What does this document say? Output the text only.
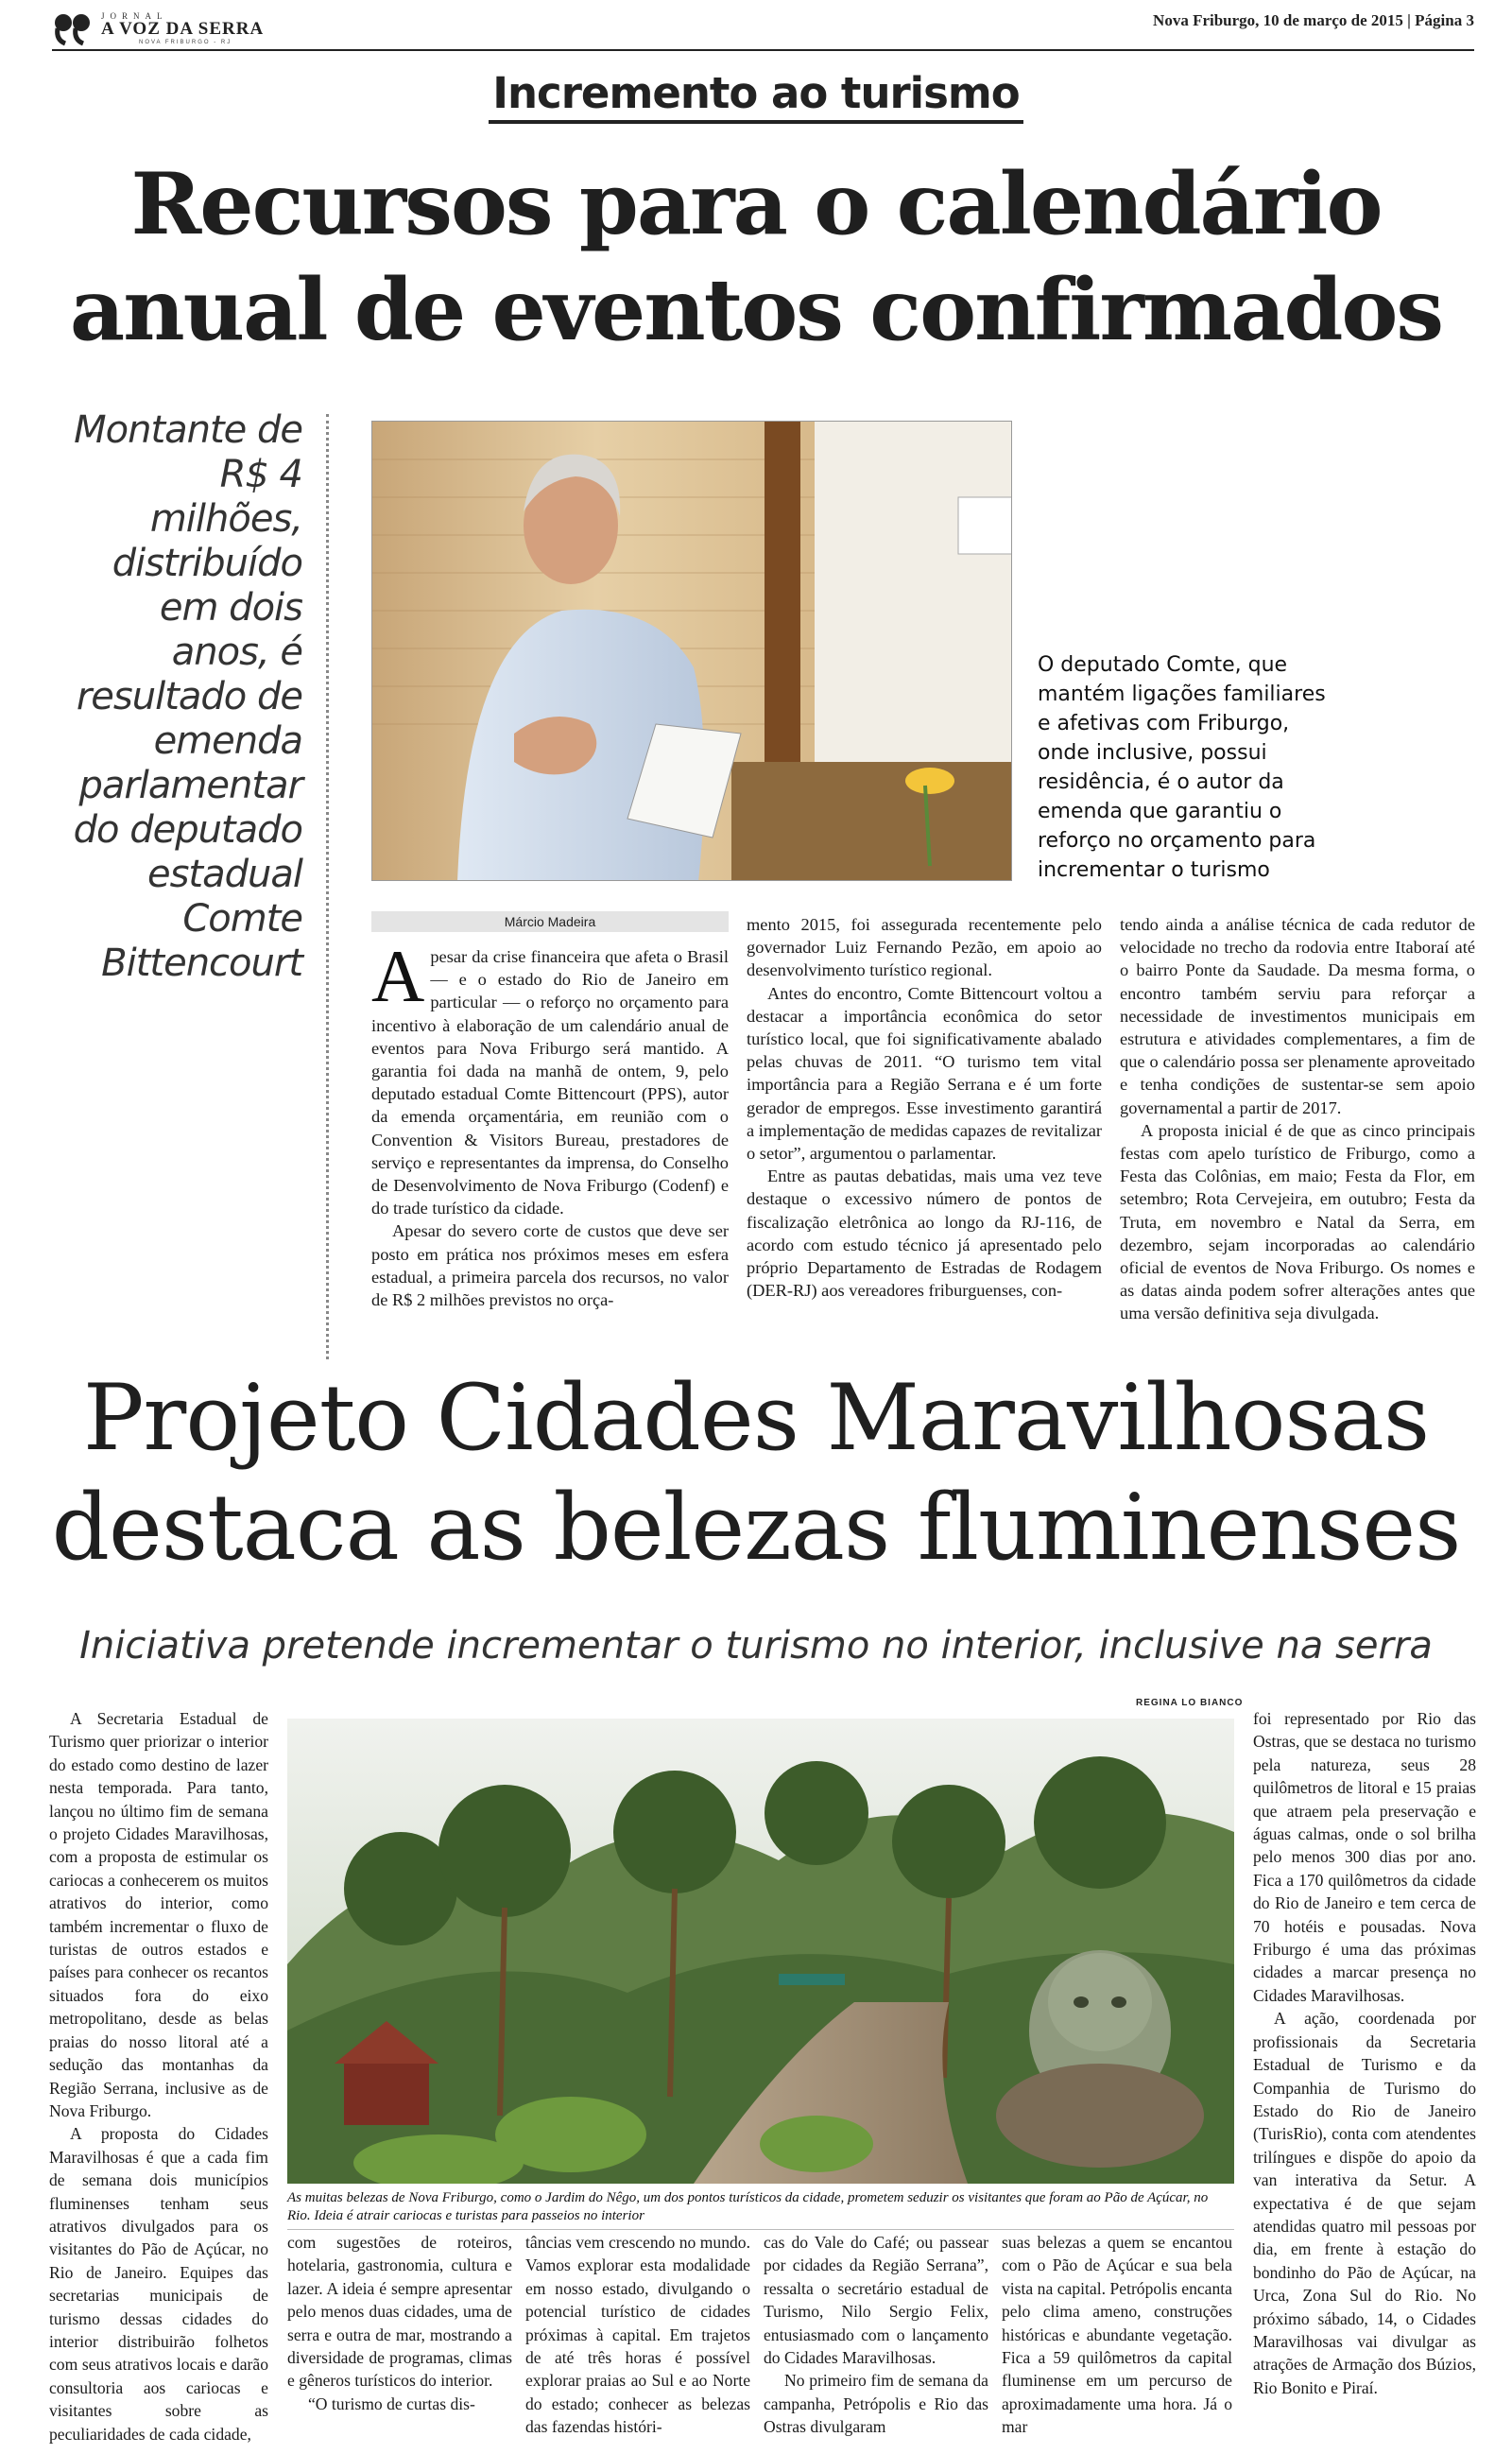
JORNAL
A VOZ DA SERRA
NOVA FRIBURGO - RJ
Nova Friburgo, 10 de março de 2015 | Página 3
Incremento ao turismo
Recursos para o calendário
anual de eventos confirmados
Montante de R$ 4 milhões, distribuído em dois anos, é resultado de emenda parlamentar do deputado estadual Comte Bittencourt
O deputado Comte, que mantém ligações familiares e afetivas com Friburgo, onde inclusive, possui residência, é o autor da emenda que garantiu o reforço no orçamento para incrementar o turismo
Márcio Madeira

Apesar da crise financeira que afeta o Brasil — e o estado do Rio de Janeiro em particular — o reforço no orçamento para incentivo à elaboração de um calendário anual de eventos para Nova Friburgo será mantido. A garantia foi dada na manhã de ontem, 9, pelo deputado estadual Comte Bittencourt (PPS), autor da emenda orçamentária, em reunião com o Convention & Visitors Bureau, prestadores de serviço e representantes da imprensa, do Conselho de Desenvolvimento de Nova Friburgo (Codenf) e do trade turístico da cidade.

Apesar do severo corte de custos que deve ser posto em prática nos próximos meses em esfera estadual, a primeira parcela dos recursos, no valor de R$ 2 milhões previstos no orça-

mento 2015, foi assegurada recentemente pelo governador Luiz Fernando Pezão, em apoio ao desenvolvimento turístico regional.

Antes do encontro, Comte Bittencourt voltou a destacar a importância econômica do setor turístico local, que foi significativamente abalado pelas chuvas de 2011. “O turismo tem vital importância para a Região Serrana e é um forte gerador de empregos. Esse investimento garantirá a implementação de medidas capazes de revitalizar o setor”, argumentou o parlamentar.

Entre as pautas debatidas, mais uma vez teve destaque o excessivo número de pontos de fiscalização eletrônica ao longo da RJ-116, de acordo com estudo técnico já apresentado pelo próprio Departamento de Estradas de Rodagem (DER-RJ) aos vereadores friburguenses, con-

tendo ainda a análise técnica de cada redutor de velocidade no trecho da rodovia entre Itaboraí até o bairro Ponte da Saudade. Da mesma forma, o encontro também serviu para reforçar a necessidade de investimentos municipais em estrutura e atividades complementares, a fim de que o calendário possa ser plenamente aproveitado e tenha condições de sustentar-se sem apoio governamental a partir de 2017.

A proposta inicial é de que as cinco principais festas com apelo turístico de Friburgo, como a Festa das Colônias, em maio; Festa da Flor, em setembro; Rota Cervejeira, em outubro; Festa da Truta, em novembro e Natal da Serra, em dezembro, sejam incorporadas ao calendário oficial de eventos de Nova Friburgo. Os nomes e as datas ainda podem sofrer alterações antes que uma versão definitiva seja divulgada.

Projeto Cidades Maravilhosas
destaca as belezas fluminenses
Iniciativa pretende incrementar o turismo no interior, inclusive na serra

A Secretaria Estadual de Turismo quer priorizar o interior do estado como destino de lazer nesta temporada. Para tanto, lançou no último fim de semana o projeto Cidades Maravilhosas, com a proposta de estimular os cariocas a conhecerem os muitos atrativos do interior, como também incrementar o fluxo de turistas de outros estados e países para conhecer os recantos situados fora do eixo metropolitano, desde as belas praias do nosso litoral até a sedução das montanhas da Região Serrana, inclusive as de Nova Friburgo.

A proposta do Cidades Maravilhosas é que a cada fim de semana dois municípios fluminenses tenham seus atrativos divulgados para os visitantes do Pão de Açúcar, no Rio de Janeiro. Equipes das secretarias municipais de turismo dessas cidades do interior distribuirão folhetos com seus atrativos locais e darão consultoria aos cariocas e visitantes sobre as peculiaridades de cada cidade,

REGINA LO BIANCO
As muitas belezas de Nova Friburgo, como o Jardim do Nêgo, um dos pontos turísticos da cidade, prometem seduzir os visitantes que foram ao Pão de Açúcar, no Rio. Ideia é atrair cariocas e turistas para passeios no interior

com sugestões de roteiros, hotelaria, gastronomia, cultura e lazer. A ideia é sempre apresentar pelo menos duas cidades, uma de serra e outra de mar, mostrando a diversidade de programas, climas e gêneros turísticos do interior.

“O turismo de curtas dis-

tâncias vem crescendo no mundo. Vamos explorar esta modalidade em nosso estado, divulgando o potencial turístico de cidades próximas à capital. Em trajetos de até três horas é possível explorar praias ao Sul e ao Norte do estado; conhecer as belezas das fazendas históri-

cas do Vale do Café; ou passear por cidades da Região Serrana”, ressalta o secretário estadual de Turismo, Nilo Sergio Felix, entusiasmado com o lançamento do Cidades Maravilhosas.

No primeiro fim de semana da campanha, Petrópolis e Rio das Ostras divulgaram

suas belezas a quem se encantou com o Pão de Açúcar e sua bela vista na capital. Petrópolis encanta pelo clima ameno, construções históricas e abundante vegetação. Fica a 59 quilômetros da capital fluminense em um percurso de aproximadamente uma hora. Já o mar

foi representado por Rio das Ostras, que se destaca no turismo pela natureza, seus 28 quilômetros de litoral e 15 praias que atraem pela preservação e águas calmas, onde o sol brilha pelo menos 300 dias por ano. Fica a 170 quilômetros da cidade do Rio de Janeiro e tem cerca de 70 hotéis e pousadas. Nova Friburgo é uma das próximas cidades a marcar presença no Cidades Maravilhosas.

A ação, coordenada por profissionais da Secretaria Estadual de Turismo e da Companhia de Turismo do Estado do Rio de Janeiro (TurisRio), conta com atendentes trilíngues e dispõe do apoio da van interativa da Setur. A expectativa é de que sejam atendidas quatro mil pessoas por dia, em frente à estação do bondinho do Pão de Açúcar, na Urca, Zona Sul do Rio. No próximo sábado, 14, o Cidades Maravilhosas vai divulgar as atrações de Armação dos Búzios, Rio Bonito e Piraí.
